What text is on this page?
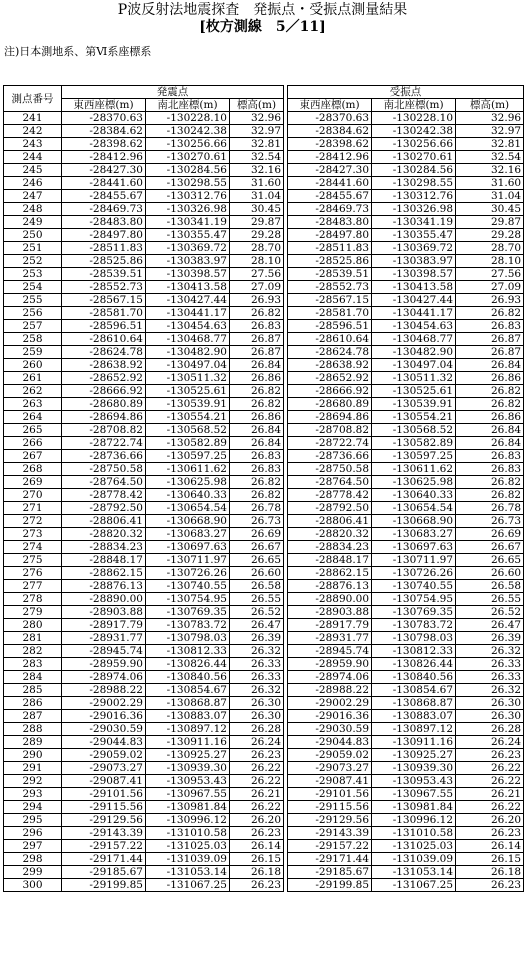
P波反射法地震探査　発振点・受振点測量結果
[枚方測線　5／11]
注)日本測地系、第Ⅵ系座標系
測点番号	発震点				受振点		
	東西座標(m)	南北座標(m)	標高(m)		東西座標(m)	南北座標(m)	標高(m)
241	-28370.63	-130228.10	32.96		-28370.63	-130228.10	32.96
242	-28384.62	-130242.38	32.97		-28384.62	-130242.38	32.97
243	-28398.62	-130256.66	32.81		-28398.62	-130256.66	32.81
244	-28412.96	-130270.61	32.54		-28412.96	-130270.61	32.54
245	-28427.30	-130284.56	32.16		-28427.30	-130284.56	32.16
246	-28441.60	-130298.55	31.60		-28441.60	-130298.55	31.60
247	-28455.67	-130312.76	31.04		-28455.67	-130312.76	31.04
248	-28469.73	-130326.98	30.45		-28469.73	-130326.98	30.45
249	-28483.80	-130341.19	29.87		-28483.80	-130341.19	29.87
250	-28497.80	-130355.47	29.28		-28497.80	-130355.47	29.28
251	-28511.83	-130369.72	28.70		-28511.83	-130369.72	28.70
252	-28525.86	-130383.97	28.10		-28525.86	-130383.97	28.10
253	-28539.51	-130398.57	27.56		-28539.51	-130398.57	27.56
254	-28552.73	-130413.58	27.09		-28552.73	-130413.58	27.09
255	-28567.15	-130427.44	26.93		-28567.15	-130427.44	26.93
256	-28581.70	-130441.17	26.82		-28581.70	-130441.17	26.82
257	-28596.51	-130454.63	26.83		-28596.51	-130454.63	26.83
258	-28610.64	-130468.77	26.87		-28610.64	-130468.77	26.87
259	-28624.78	-130482.90	26.87		-28624.78	-130482.90	26.87
260	-28638.92	-130497.04	26.84		-28638.92	-130497.04	26.84
261	-28652.92	-130511.32	26.86		-28652.92	-130511.32	26.86
262	-28666.92	-130525.61	26.82		-28666.92	-130525.61	26.82
263	-28680.89	-130539.91	26.82		-28680.89	-130539.91	26.82
264	-28694.86	-130554.21	26.86		-28694.86	-130554.21	26.86
265	-28708.82	-130568.52	26.84		-28708.82	-130568.52	26.84
266	-28722.74	-130582.89	26.84		-28722.74	-130582.89	26.84
267	-28736.66	-130597.25	26.83		-28736.66	-130597.25	26.83
268	-28750.58	-130611.62	26.83		-28750.58	-130611.62	26.83
269	-28764.50	-130625.98	26.82		-28764.50	-130625.98	26.82
270	-28778.42	-130640.33	26.82		-28778.42	-130640.33	26.82
271	-28792.50	-130654.54	26.78		-28792.50	-130654.54	26.78
272	-28806.41	-130668.90	26.73		-28806.41	-130668.90	26.73
273	-28820.32	-130683.27	26.69		-28820.32	-130683.27	26.69
274	-28834.23	-130697.63	26.67		-28834.23	-130697.63	26.67
275	-28848.17	-130711.97	26.65		-28848.17	-130711.97	26.65
276	-28862.15	-130726.26	26.60		-28862.15	-130726.26	26.60
277	-28876.13	-130740.55	26.58		-28876.13	-130740.55	26.58
278	-28890.00	-130754.95	26.55		-28890.00	-130754.95	26.55
279	-28903.88	-130769.35	26.52		-28903.88	-130769.35	26.52
280	-28917.79	-130783.72	26.47		-28917.79	-130783.72	26.47
281	-28931.77	-130798.03	26.39		-28931.77	-130798.03	26.39
282	-28945.74	-130812.33	26.32		-28945.74	-130812.33	26.32
283	-28959.90	-130826.44	26.33		-28959.90	-130826.44	26.33
284	-28974.06	-130840.56	26.33		-28974.06	-130840.56	26.33
285	-28988.22	-130854.67	26.32		-28988.22	-130854.67	26.32
286	-29002.29	-130868.87	26.30		-29002.29	-130868.87	26.30
287	-29016.36	-130883.07	26.30		-29016.36	-130883.07	26.30
288	-29030.59	-130897.12	26.28		-29030.59	-130897.12	26.28
289	-29044.83	-130911.16	26.24		-29044.83	-130911.16	26.24
290	-29059.02	-130925.27	26.23		-29059.02	-130925.27	26.23
291	-29073.27	-130939.30	26.22		-29073.27	-130939.30	26.22
292	-29087.41	-130953.43	26.22		-29087.41	-130953.43	26.22
293	-29101.56	-130967.55	26.21		-29101.56	-130967.55	26.21
294	-29115.56	-130981.84	26.22		-29115.56	-130981.84	26.22
295	-29129.56	-130996.12	26.20		-29129.56	-130996.12	26.20
296	-29143.39	-131010.58	26.23		-29143.39	-131010.58	26.23
297	-29157.22	-131025.03	26.14		-29157.22	-131025.03	26.14
298	-29171.44	-131039.09	26.15		-29171.44	-131039.09	26.15
299	-29185.67	-131053.14	26.18		-29185.67	-131053.14	26.18
300	-29199.85	-131067.25	26.23		-29199.85	-131067.25	26.23
